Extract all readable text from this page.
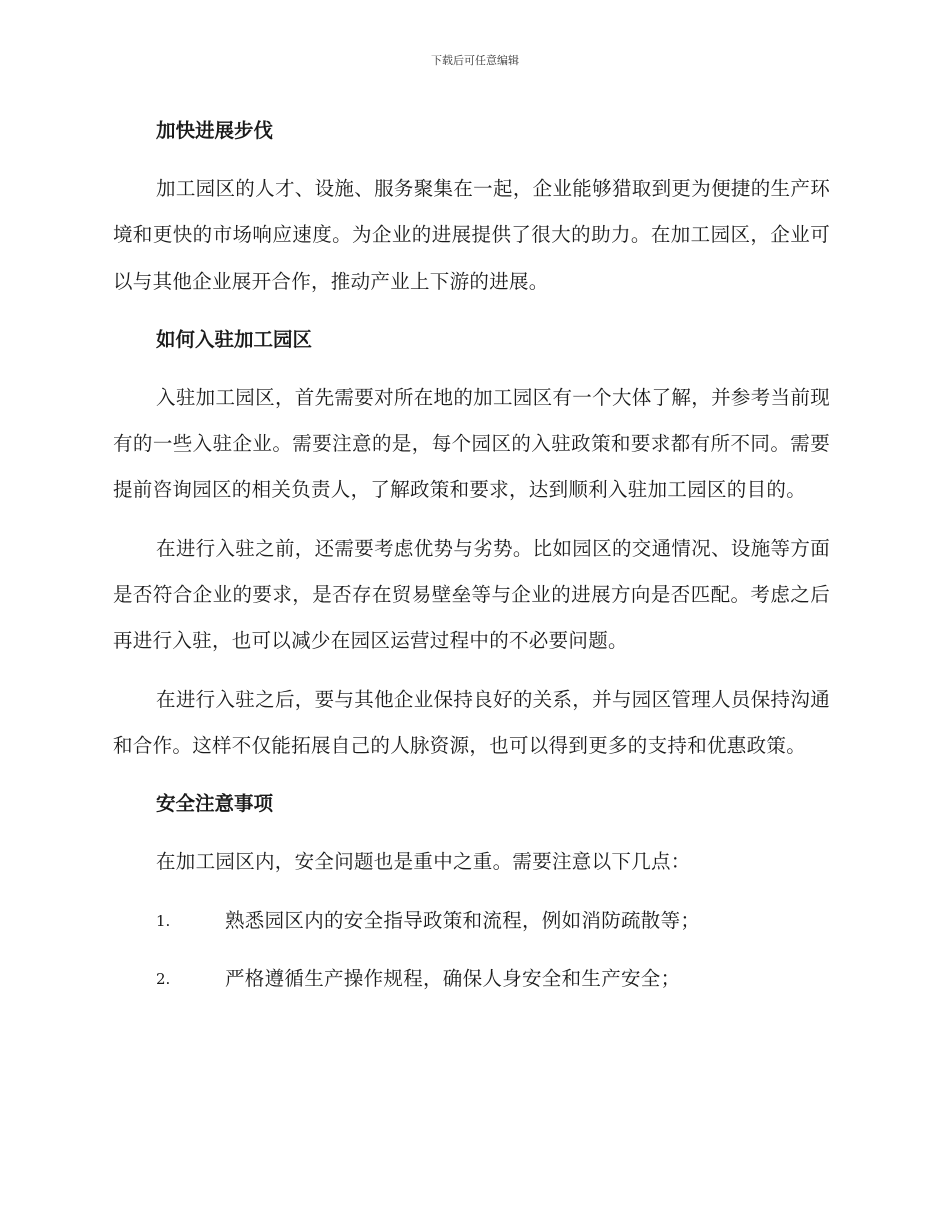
下载后可任意编辑
加快进展步伐

加工园区的人才、设施、服务聚集在一起，企业能够猎取到更为便捷的生产环境和更快的市场响应速度。为企业的进展提供了很大的助力。在加工园区，企业可以与其他企业展开合作，推动产业上下游的进展。

如何入驻加工园区

入驻加工园区，首先需要对所在地的加工园区有一个大体了解，并参考当前现有的一些入驻企业。需要注意的是，每个园区的入驻政策和要求都有所不同。需要提前咨询园区的相关负责人，了解政策和要求，达到顺利入驻加工园区的目的。

在进行入驻之前，还需要考虑优势与劣势。比如园区的交通情况、设施等方面是否符合企业的要求，是否存在贸易壁垒等与企业的进展方向是否匹配。考虑之后再进行入驻，也可以减少在园区运营过程中的不必要问题。

在进行入驻之后，要与其他企业保持良好的关系，并与园区管理人员保持沟通和合作。这样不仅能拓展自己的人脉资源，也可以得到更多的支持和优惠政策。

安全注意事项

在加工园区内，安全问题也是重中之重。需要注意以下几点：

1.	熟悉园区内的安全指导政策和流程，例如消防疏散等；
2.	严格遵循生产操作规程，确保人身安全和生产安全；
